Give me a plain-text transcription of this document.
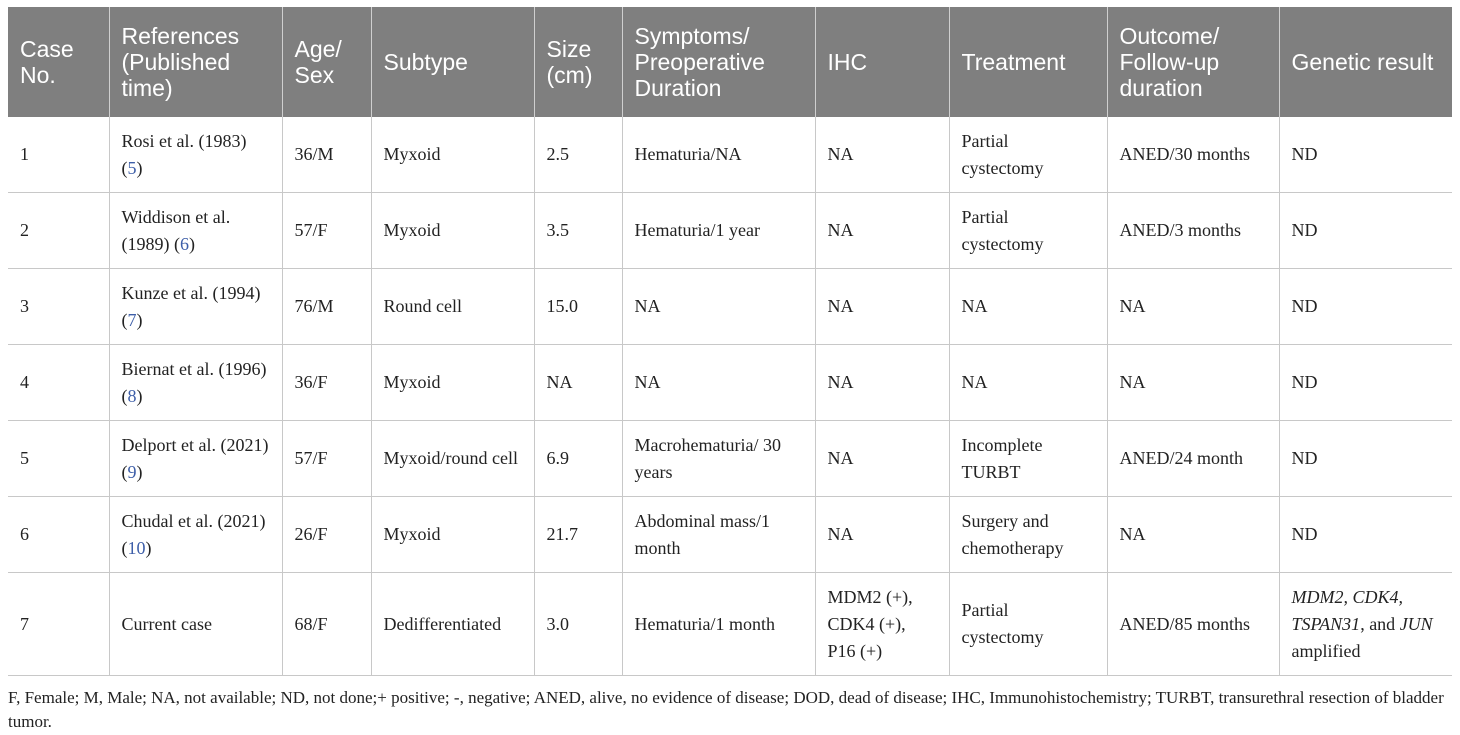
Case No.	References (Published time)	Age/ Sex	Subtype	Size (cm)	Symptoms/ Preoperative Duration	IHC	Treatment	Outcome/ Follow-up duration	Genetic result
1	Rosi et al. (1983) (5)	36/M	Myxoid	2.5	Hematuria/NA	NA	Partial cystectomy	ANED/30 months	ND
2	Widdison et al. (1989) (6)	57/F	Myxoid	3.5	Hematuria/1 year	NA	Partial cystectomy	ANED/3 months	ND
3	Kunze et al. (1994) (7)	76/M	Round cell	15.0	NA	NA	NA	NA	ND
4	Biernat et al. (1996) (8)	36/F	Myxoid	NA	NA	NA	NA	NA	ND
5	Delport et al. (2021) (9)	57/F	Myxoid/round cell	6.9	Macrohematuria/ 30 years	NA	Incomplete TURBT	ANED/24 month	ND
6	Chudal et al. (2021) (10)	26/F	Myxoid	21.7	Abdominal mass/1 month	NA	Surgery and chemotherapy	NA	ND
7	Current case	68/F	Dedifferentiated	3.0	Hematuria/1 month	MDM2 (+), CDK4 (+), P16 (+)	Partial cystectomy	ANED/85 months	MDM2, CDK4, TSPAN31, and JUN amplified
F, Female; M, Male; NA, not available; ND, not done;+ positive; -, negative; ANED, alive, no evidence of disease; DOD, dead of disease; IHC, Immunohistochemistry; TURBT, transurethral resection of bladder tumor.
